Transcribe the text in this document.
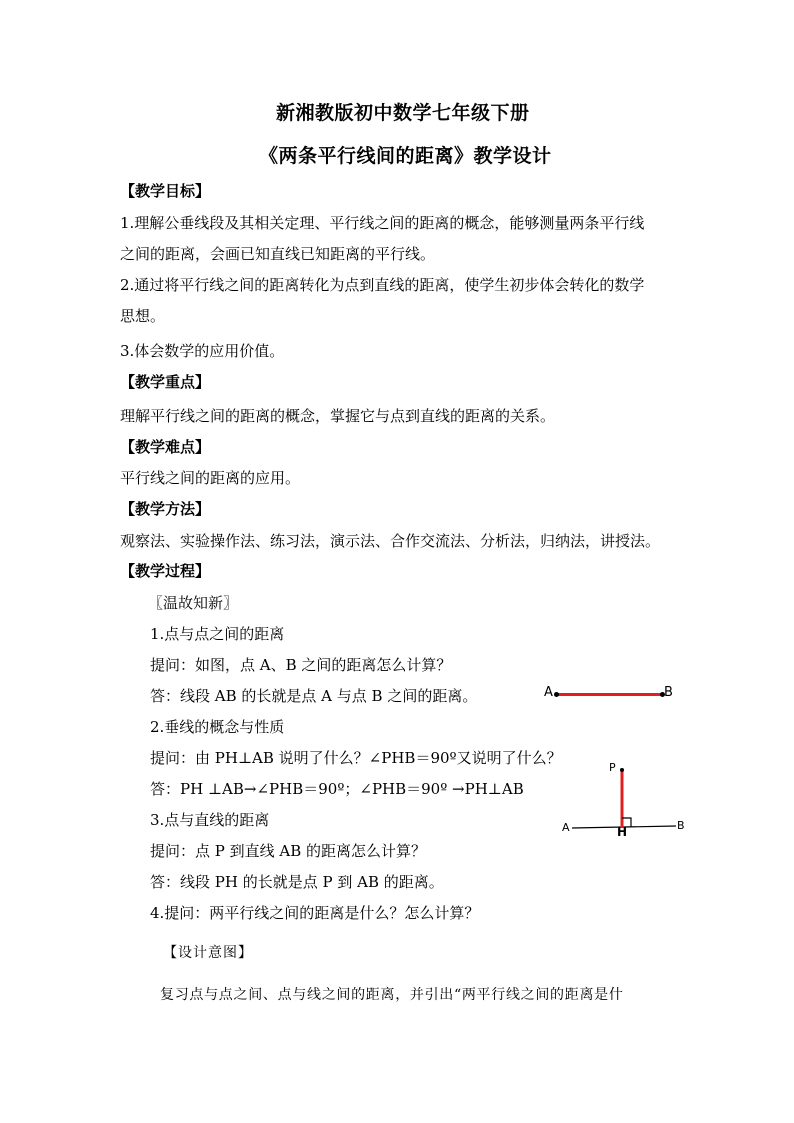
新湘教版初中数学七年级下册
《两条平行线间的距离》教学设计
【教学目标】
1.理解公垂线段及其相关定理、平行线之间的距离的概念，能够测量两条平行线
之间的距离，会画已知直线已知距离的平行线。
2.通过将平行线之间的距离转化为点到直线的距离，使学生初步体会转化的数学
思想。
3.体会数学的应用价值。
【教学重点】
理解平行线之间的距离的概念，掌握它与点到直线的距离的关系。
【教学难点】
平行线之间的距离的应用。
【教学方法】
观察法、实验操作法、练习法，演示法、合作交流法、分析法，归纳法，讲授法。
【教学过程】
〖温故知新〗
1.点与点之间的距离
提问：如图，点 A、B 之间的距离怎么计算？
答：线段 AB 的长就是点 A 与点 B 之间的距离。
2.垂线的概念与性质
提问：由 PH⊥AB 说明了什么？∠PHB＝90º又说明了什么？
答：PH ⊥AB→∠PHB＝90º；∠PHB＝90º →PH⊥AB
3.点与直线的距离
提问：点 P 到直线 AB 的距离怎么计算？
答：线段 PH 的长就是点 P 到 AB 的距离。
4.提问：两平行线之间的距离是什么？怎么计算？
【设计意图】
复习点与点之间、点与线之间的距离，并引出“两平行线之间的距离是什
A	B
P
A	B
H
